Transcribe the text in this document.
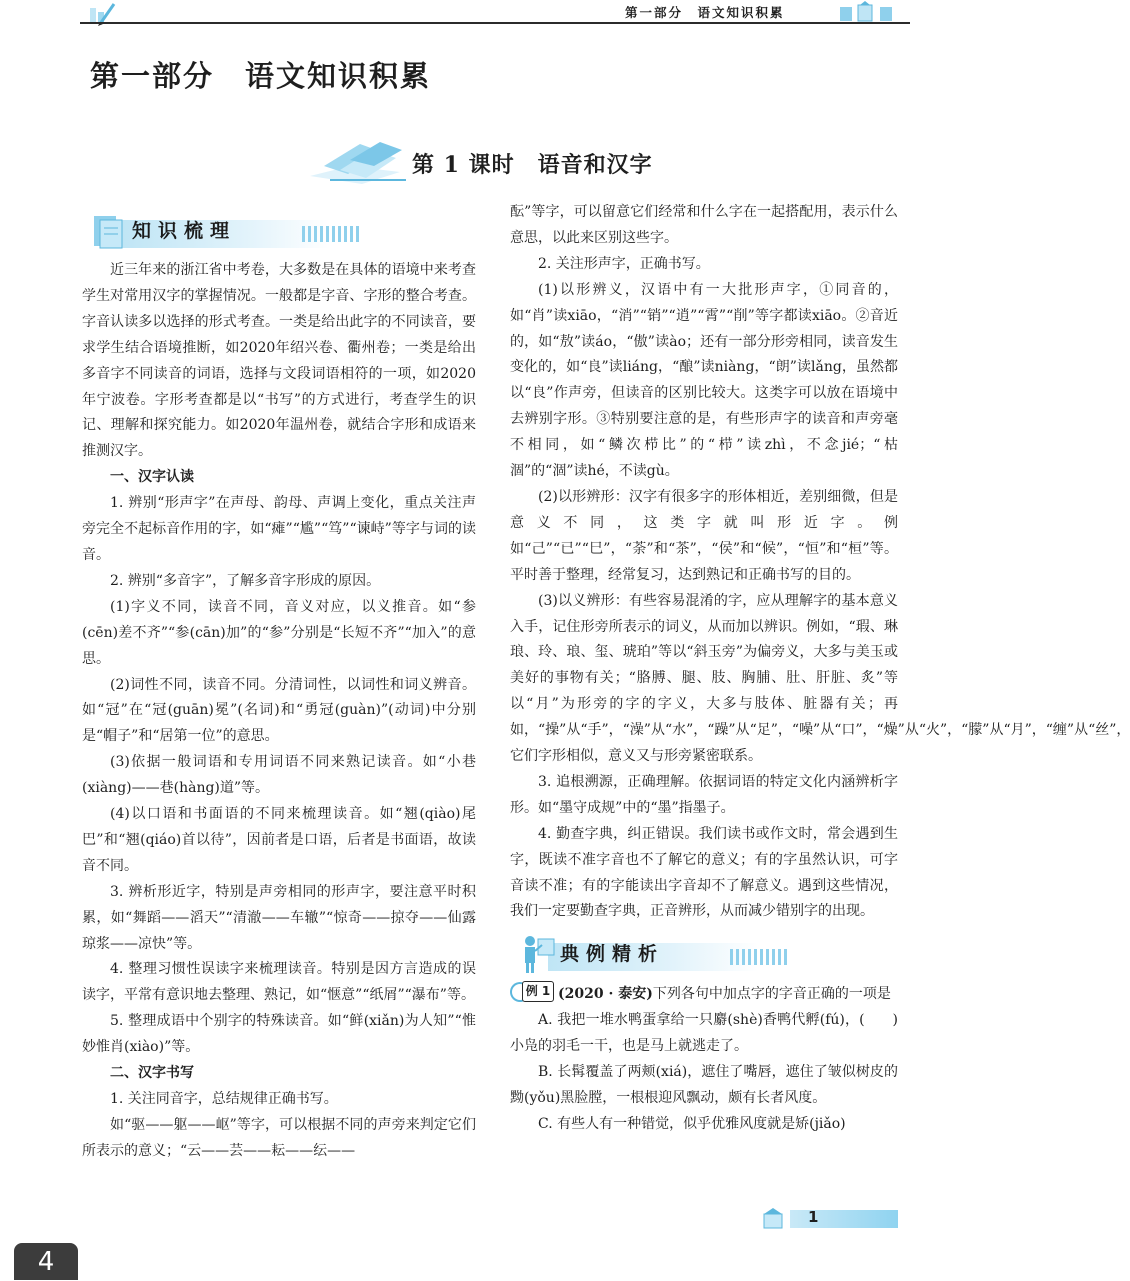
第一部分　语文知识积累
第一部分　语文知识积累
第 1 课时　语音和汉字
知识梳理

近三年来的浙江省中考卷，大多数是在具体的语境中来考查学生对常用汉字的掌握情况。一般都是字音、字形的整合考查。字音认读多以选择的形式考查。一类是给出此字的不同读音，要求学生结合语境推断，如2020年绍兴卷、衢州卷；一类是给出多音字不同读音的词语，选择与文段词语相符的一项，如2020年宁波卷。字形考查都是以“书写”的方式进行，考查学生的识记、理解和探究能力。如2020年温州卷，就结合字形和成语来推测汉字。

一、汉字认读

1. 辨别“形声字”在声母、韵母、声调上变化，重点关注声旁完全不起标音作用的字，如“瘫”“尴”“笃”“谏峙”等字与词的读音。

2. 辨别“多音字”，了解多音字形成的原因。

(1)字义不同，读音不同，音义对应，以义推音。如“参(cēn)差不齐”“参(cān)加”的“参”分别是“长短不齐”“加入”的意思。

(2)词性不同，读音不同。分清词性，以词性和词义辨音。如“冠”在“冠(guān)冕”(名词)和“勇冠(guàn)”(动词)中分别是“帽子”和“居第一位”的意思。

(3)依据一般词语和专用词语不同来熟记读音。如“小巷(xiàng)——巷(hàng)道”等。

(4)以口语和书面语的不同来梳理读音。如“翘(qiào)尾巴”和“翘(qiáo)首以待”，因前者是口语，后者是书面语，故读音不同。

3. 辨析形近字，特别是声旁相同的形声字，要注意平时积累，如“舞蹈——滔天”“清澈——车辙”“惊奇——掠夺——仙露琼浆——凉快”等。

4. 整理习惯性误读字来梳理读音。特别是因方言造成的误读字，平常有意识地去整理、熟记，如“惬意”“纸屑”“瀑布”等。

5. 整理成语中个别字的特殊读音。如“鲜(xiǎn)为人知”“惟妙惟肖(xiào)”等。

二、汉字书写

1. 关注同音字，总结规律正确书写。

如“驱——躯——岖”等字，可以根据不同的声旁来判定它们所表示的意义；“云——芸——耘——纭——

酝”等字，可以留意它们经常和什么字在一起搭配用，表示什么意思，以此来区别这些字。

2. 关注形声字，正确书写。

(1)以形辨义，汉语中有一大批形声字，①同音的，如“肖”读xiāo，“消”“销”“逍”“霄”“削”等字都读xiāo。②音近的，如“敖”读áo，“傲”读ào；还有一部分形旁相同，读音发生变化的，如“良”读liáng，“酿”读niàng，“朗”读lǎng，虽然都以“良”作声旁，但读音的区别比较大。这类字可以放在语境中去辨别字形。③特别要注意的是，有些形声字的读音和声旁毫不相同，如“鳞次栉比”的“栉”读zhì，不念jié；“枯涸”的“涸”读hé，不读gù。

(2)以形辨形：汉字有很多字的形体相近，差别细微，但是意义不同，这类字就叫形近字。例如“己”“已”“巳”，“荼”和“茶”，“侯”和“候”，“恒”和“桓”等。平时善于整理，经常复习，达到熟记和正确书写的目的。

(3)以义辨形：有些容易混淆的字，应从理解字的基本意义入手，记住形旁所表示的词义，从而加以辨识。例如，“瑕、琳琅、玲、琅、玺、琥珀”等以“斜玉旁”为偏旁义，大多与美玉或美好的事物有关；“胳膊、腿、肢、胸脯、肚、肝脏、炙”等以“月”为形旁的字的字义，大多与肢体、脏器有关；再如，“操”从“手”，“澡”从“水”，“躁”从“足”，“噪”从“口”，“燥”从“火”，“朦”从“月”，“缠”从“丝”，它们字形相似，意义又与形旁紧密联系。

3. 追根溯源，正确理解。依据词语的特定文化内涵辨析字形。如“墨守成规”中的“墨”指墨子。

4. 勤查字典，纠正错误。我们读书或作文时，常会遇到生字，既读不准字音也不了解它的意义；有的字虽然认识，可字音读不准；有的字能读出字音却不了解意义。遇到这些情况，我们一定要勤查字典，正音辨形，从而减少错别字的出现。

典例精析

例 1 (2020 · 泰安)下列各句中加点字的字音正确的一项是
(　　)

A. 我把一堆水鸭蛋拿给一只麝(shè)香鸭代孵(fú)，小凫的羽毛一干，也是马上就逃走了。

B. 长髯覆盖了两颊(xiá)，遮住了嘴唇，遮住了皱似树皮的黝(yǒu)黑脸膛，一根根迎风飘动，颇有长者风度。

C. 有些人有一种错觉，似乎优雅风度就是矫(jiǎo)

1
4
